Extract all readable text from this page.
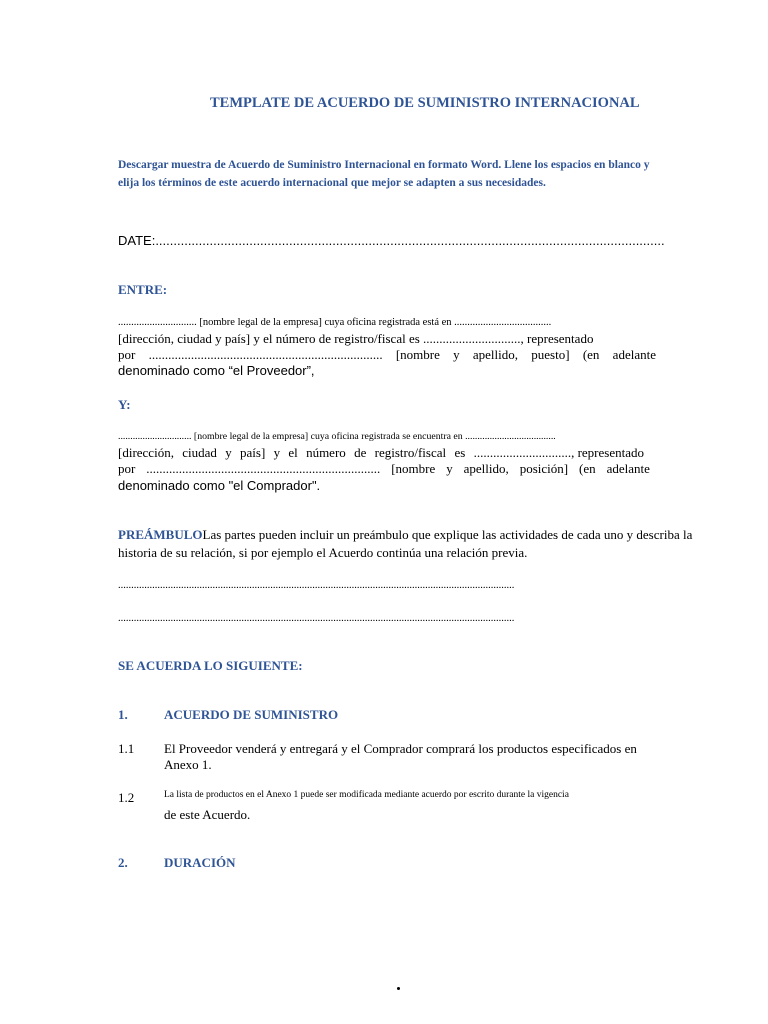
TEMPLATE DE ACUERDO DE SUMINISTRO INTERNACIONAL
Descargar muestra de Acuerdo de Suministro Internacional en formato Word. Llene los espacios en blanco y
elija los términos de este acuerdo internacional que mejor se adapten a sus necesidades.
DATE:.............................................................................................................................................
ENTRE:
.............................. [nombre legal de la empresa] cuya oficina registrada está en .....................................
[dirección, ciudad y país] y el número de registro/fiscal es .............................., representado
por ........................................................................ [nombre y apellido, puesto] (en adelante
denominado como “el Proveedor”,
Y:
.............................. [nombre legal de la empresa] cuya oficina registrada se encuentra en .....................................
[dirección, ciudad y país] y el número de registro/fiscal es .............................., representado
por ........................................................................ [nombre y apellido, posición] (en adelante
denominado como "el Comprador".
PREÁMBULOLas partes pueden incluir un preámbulo que explique las actividades de cada uno y describa la
historia de su relación, si por ejemplo el Acuerdo continúa una relación previa.
.......................................................................................................................................................
.......................................................................................................................................................
SE ACUERDA LO SIGUIENTE:
1.	ACUERDO DE SUMINISTRO
1.1 El Proveedor venderá y entregará y el Comprador comprará los productos especificados en
Anexo 1.
1.2	La lista de productos en el Anexo 1 puede ser modificada mediante acuerdo por escrito durante la vigencia
de este Acuerdo.
2.	DURACIÓN
